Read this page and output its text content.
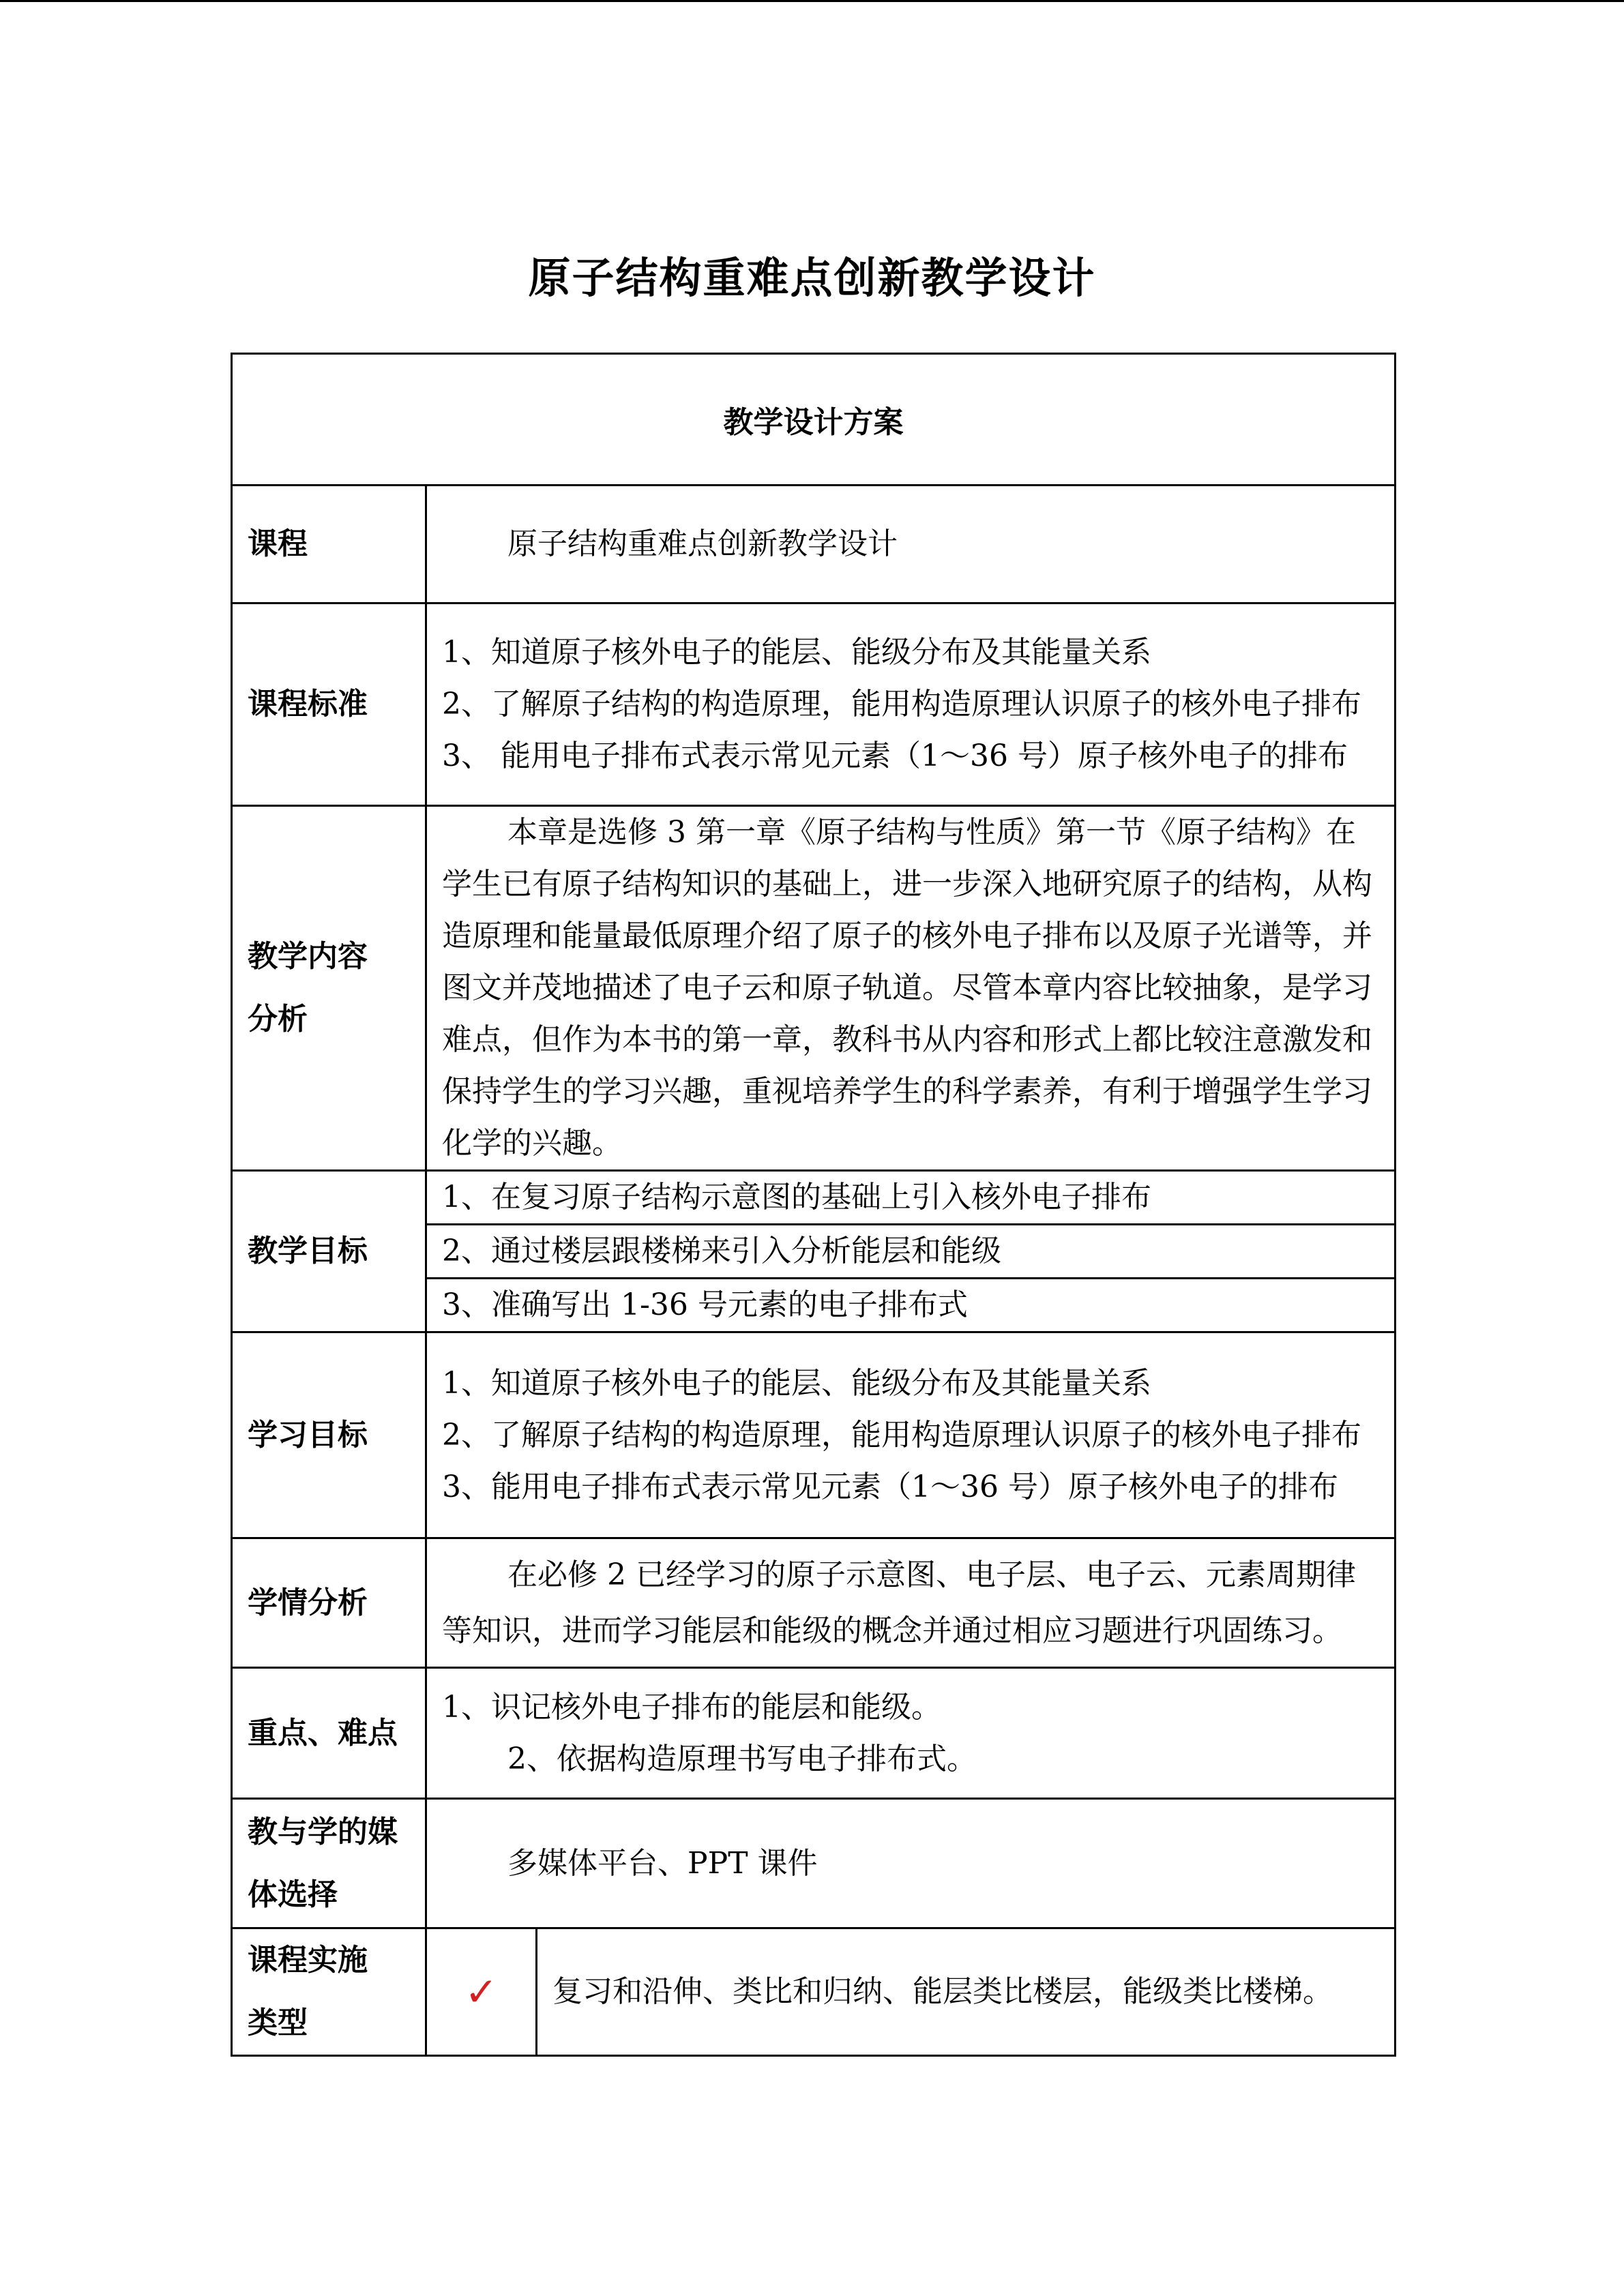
原子结构重难点创新教学设计
教学设计方案		
课程	原子结构重难点创新教学设计	
课程标准	1、知道原子核外电子的能层、能级分布及其能量关系
2、了解原子结构的构造原理，能用构造原理认识原子的核外电子排布
3、 能用电子排布式表示常见元素（1～36 号）原子核外电子的排布	

教学内容分析	本章是选修 3 第一章《原子结构与性质》第一节《原子结构》在学生已有原子结构知识的基础上，进一步深入地研究原子的结构，从构造原理和能量最低原理介绍了原子的核外电子排布以及原子光谱等，并图文并茂地描述了电子云和原子轨道。尽管本章内容比较抽象，是学习难点，但作为本书的第一章，教科书从内容和形式上都比较注意激发和保持学生的学习兴趣，重视培养学生的科学素养，有利于增强学生学习化学的兴趣。	
教学目标	1、在复习原子结构示意图的基础上引入核外电子排布	
	2、通过楼层跟楼梯来引入分析能层和能级	
	3、准确写出 1-36 号元素的电子排布式	
学习目标	1、知道原子核外电子的能层、能级分布及其能量关系
2、了解原子结构的构造原理，能用构造原理认识原子的核外电子排布
3、能用电子排布式表示常见元素（1～36 号）原子核外电子的排布	

学情分析	在必修 2 已经学习的原子示意图、电子层、电子云、元素周期律等知识，进而学习能层和能级的概念并通过相应习题进行巩固练习。	
重点、难点	1、识记核外电子排布的能层和能级。
2、依据构造原理书写电子排布式。	

教与学的媒体选择	多媒体平台、PPT 课件	

课程实施类型	✓	复习和沿伸、类比和归纳、能层类比楼层，能级类比楼梯。
